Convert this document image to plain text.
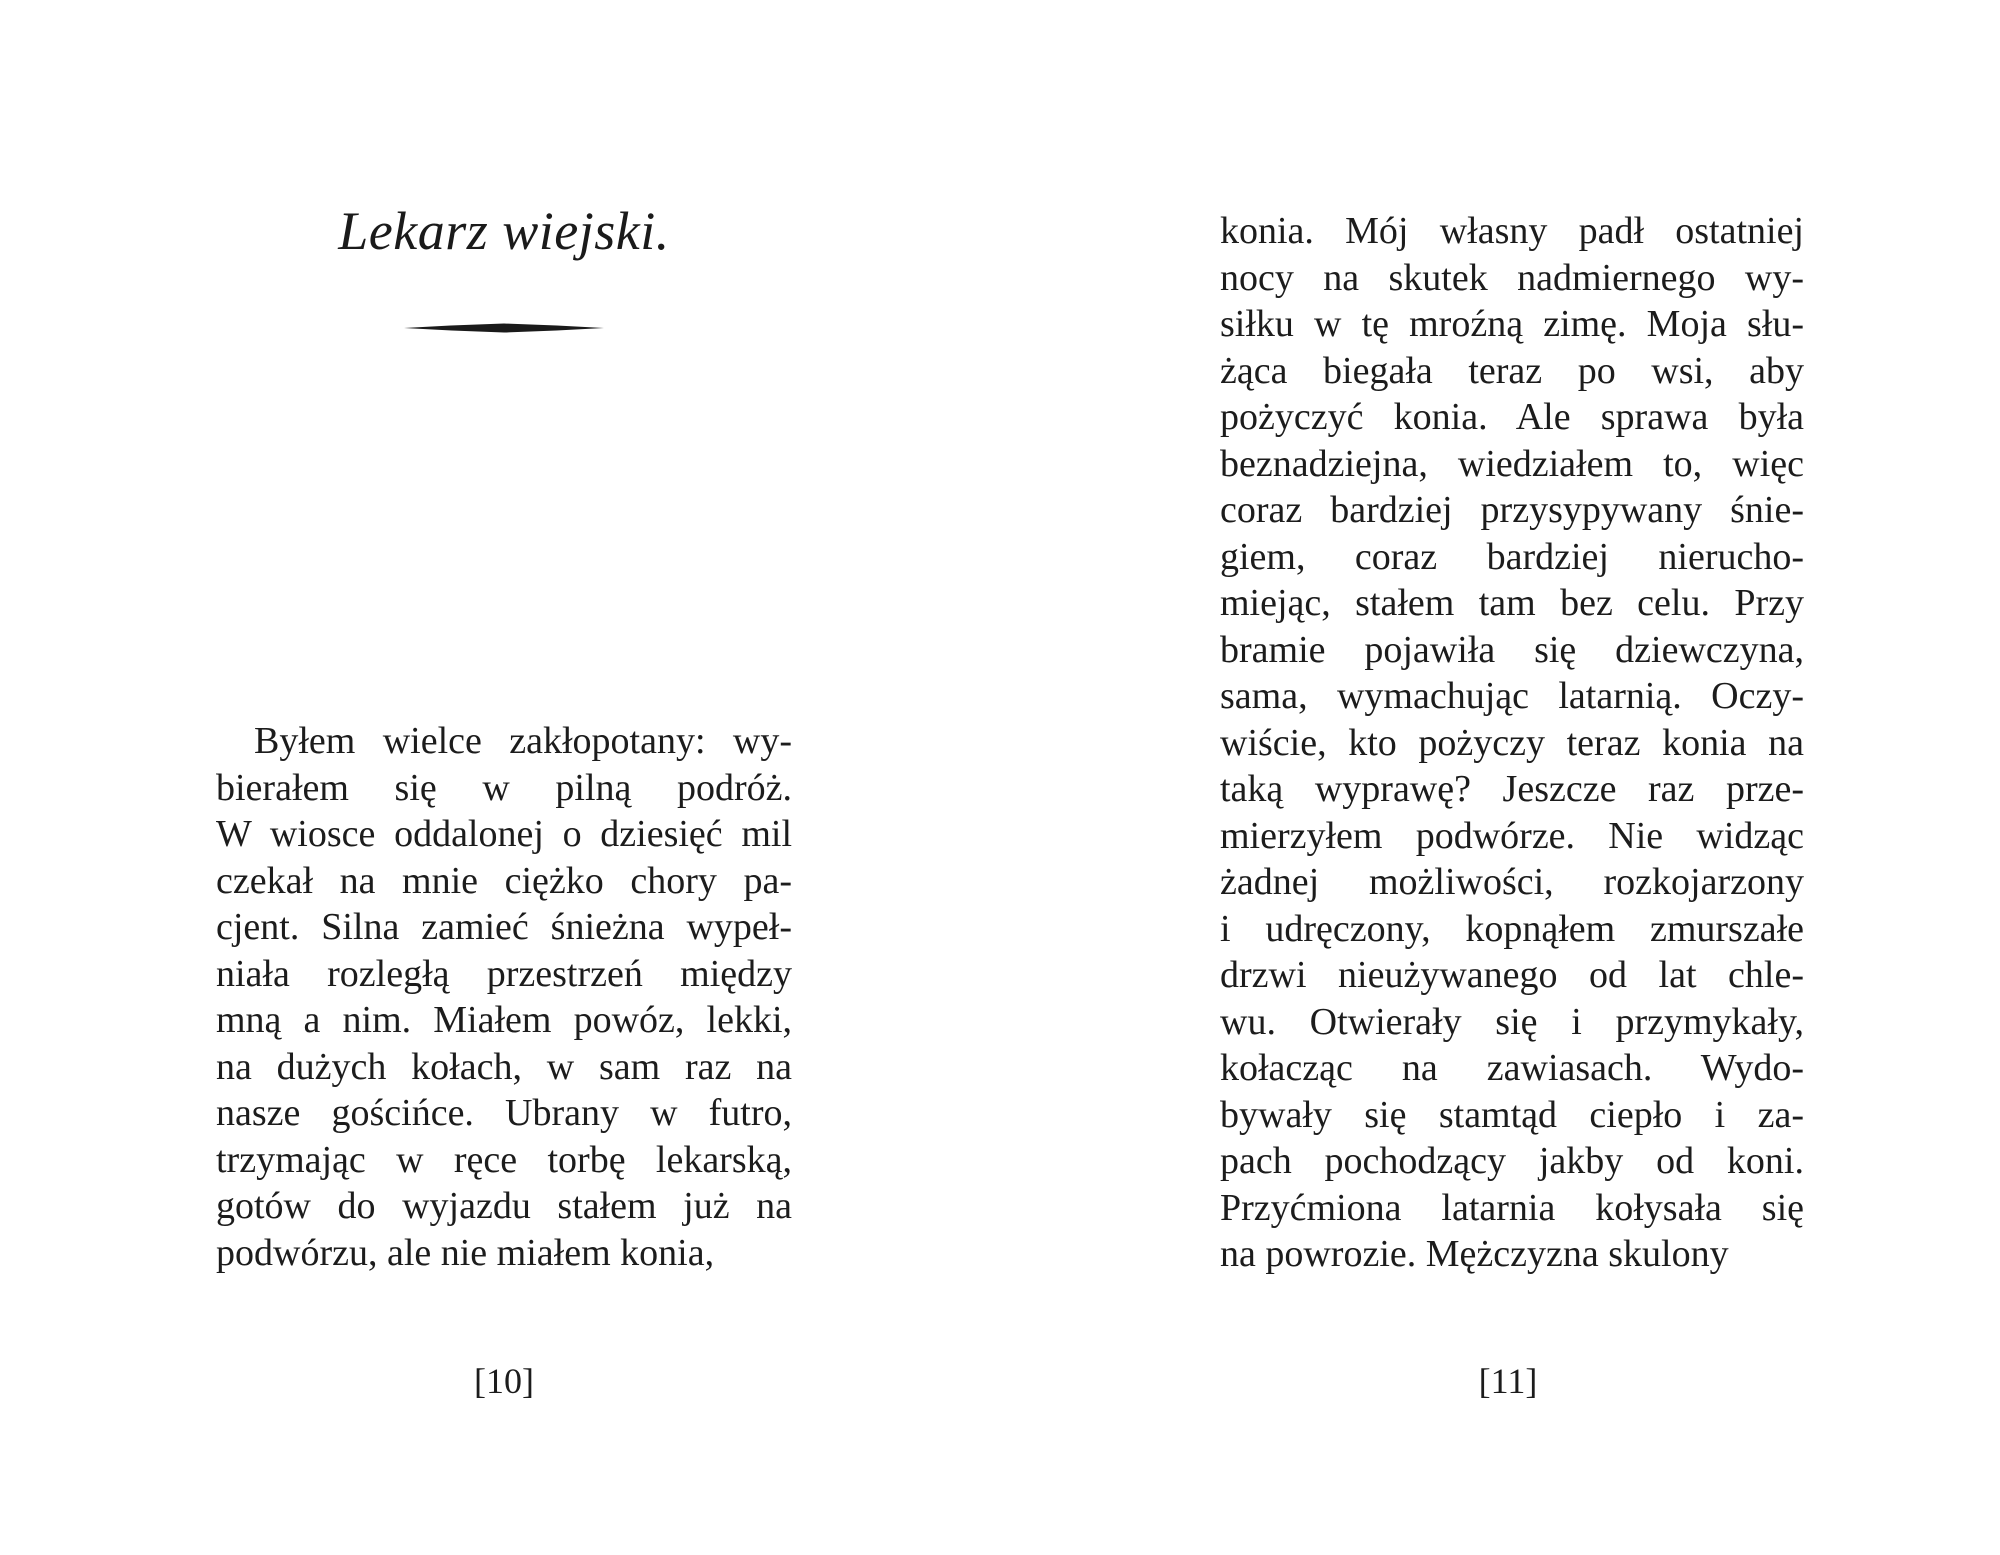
Lekarz wiejski.
Byłem wielce zakłopotany: wy-
bierałem się w pilną podróż.
W wiosce oddalonej o dziesięć mil
czekał na mnie ciężko chory pa-
cjent. Silna zamieć śnieżna wypeł-
niała rozległą przestrzeń między
mną a nim. Miałem powóz, lekki,
na dużych kołach, w sam raz na
nasze gościńce. Ubrany w futro,
trzymając w ręce torbę lekarską,
gotów do wyjazdu stałem już na
podwórzu, ale nie miałem konia,
[10]
konia. Mój własny padł ostatniej
nocy na skutek nadmiernego wy-
siłku w tę mroźną zimę. Moja słu-
żąca biegała teraz po wsi, aby
pożyczyć konia. Ale sprawa była
beznadziejna, wiedziałem to, więc
coraz bardziej przysypywany śnie-
giem, coraz bardziej nierucho-
miejąc, stałem tam bez celu. Przy
bramie pojawiła się dziewczyna,
sama, wymachując latarnią. Oczy-
wiście, kto pożyczy teraz konia na
taką wyprawę? Jeszcze raz prze-
mierzyłem podwórze. Nie widząc
żadnej możliwości, rozkojarzony
i udręczony, kopnąłem zmurszałe
drzwi nieużywanego od lat chle-
wu. Otwierały się i przymykały,
kołacząc na zawiasach. Wydo-
bywały się stamtąd ciepło i za-
pach pochodzący jakby od koni.
Przyćmiona latarnia kołysała się
na powrozie. Mężczyzna skulony
[11]
